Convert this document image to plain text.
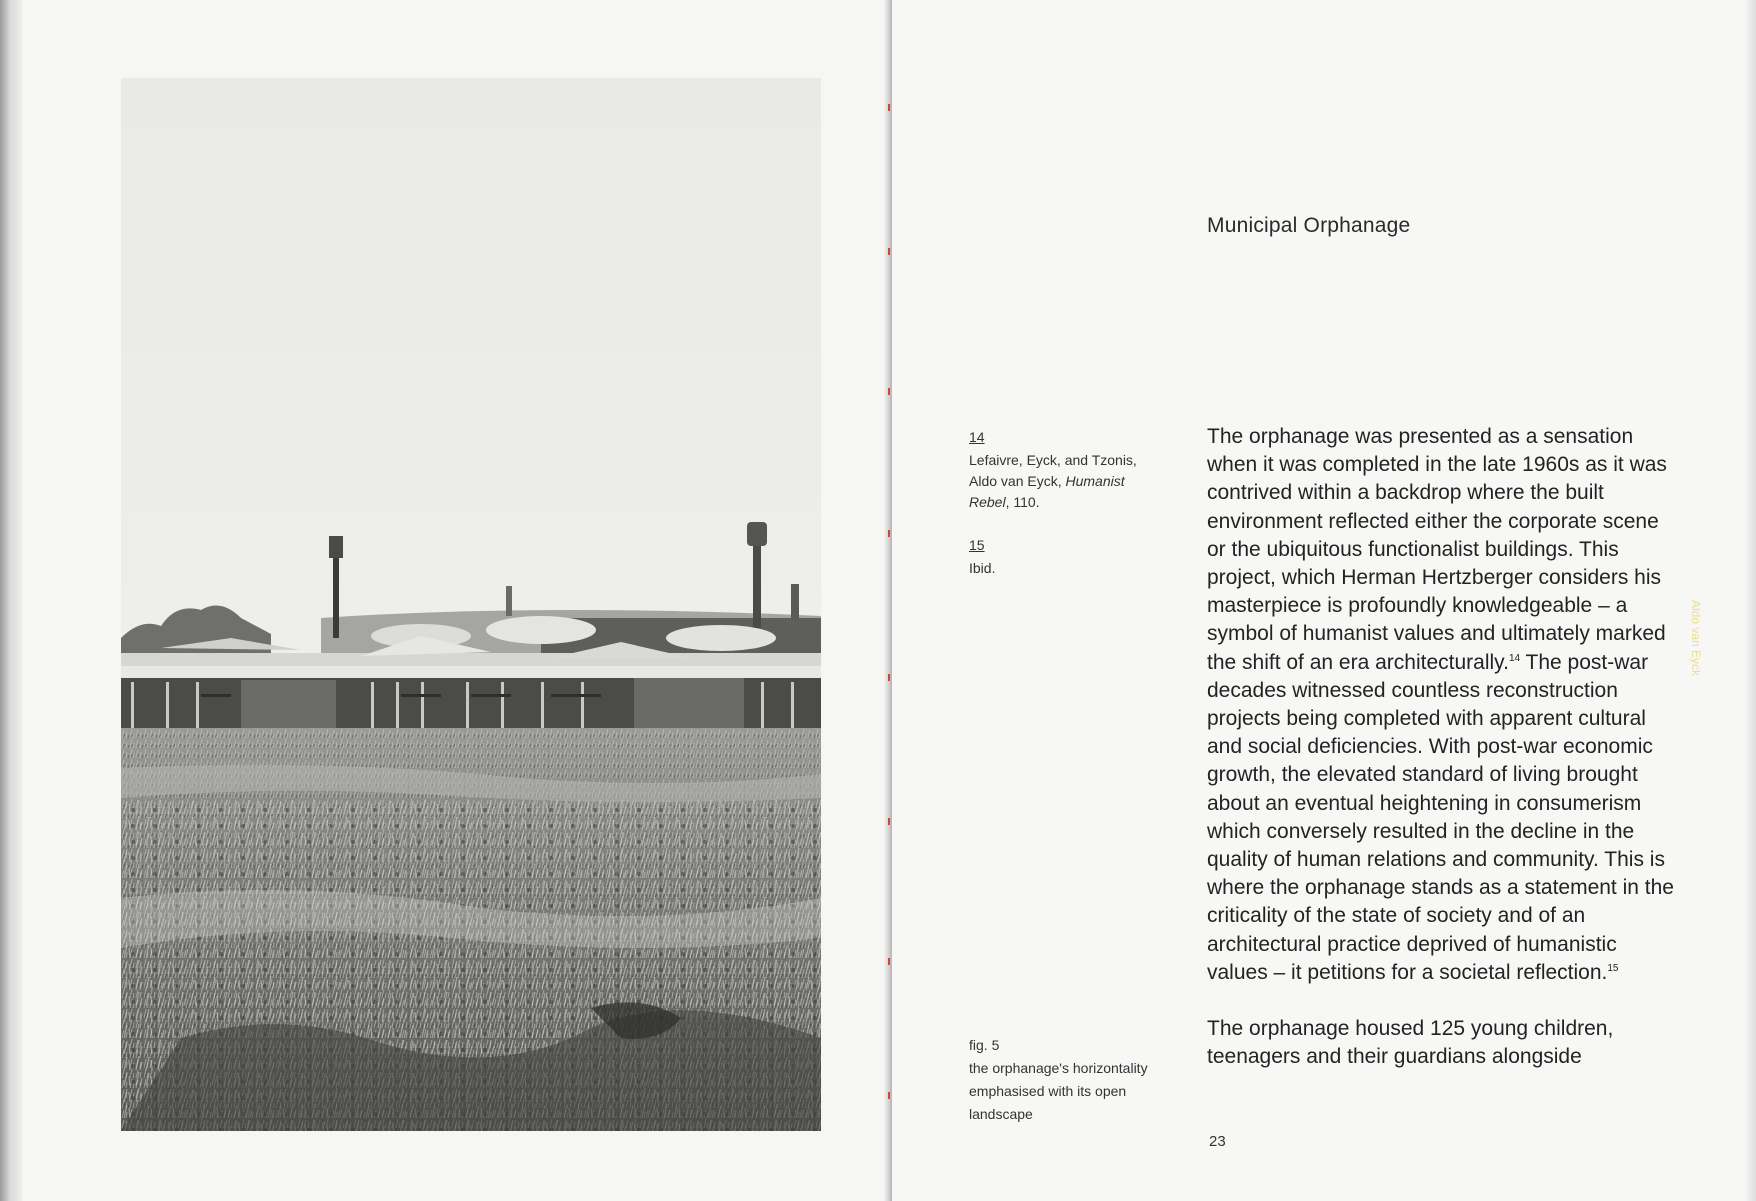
Municipal Orphanage
Aldo van Eyck
14
Lefaivre, Eyck, and Tzonis, Aldo van Eyck, Humanist Rebel, 110.
15
Ibid.
fig. 5
the orphanage's horizontality emphasised with its open landscape

The orphanage was presented as a sensation when it was completed in the late 1960s as it was contrived within a backdrop where the built environment reflected either the corporate scene or the ubiquitous functionalist buildings. This project, which Herman Hertzberger considers his masterpiece is profoundly knowledgeable – a symbol of humanist values and ultimately marked the shift of an era architecturally.$^{14}$ The post-war decades witnessed countless reconstruction projects being completed with apparent cultural and social deficiencies. With post-war economic growth, the elevated standard of living brought about an eventual heightening in consumerism which conversely resulted in the decline in the quality of human relations and community. This is where the orphanage stands as a statement in the criticality of the state of society and of an architectural practice deprived of humanistic values – it petitions for a societal reflection.$^{15}$

The orphanage housed 125 young children, teenagers and their guardians alongside

23
